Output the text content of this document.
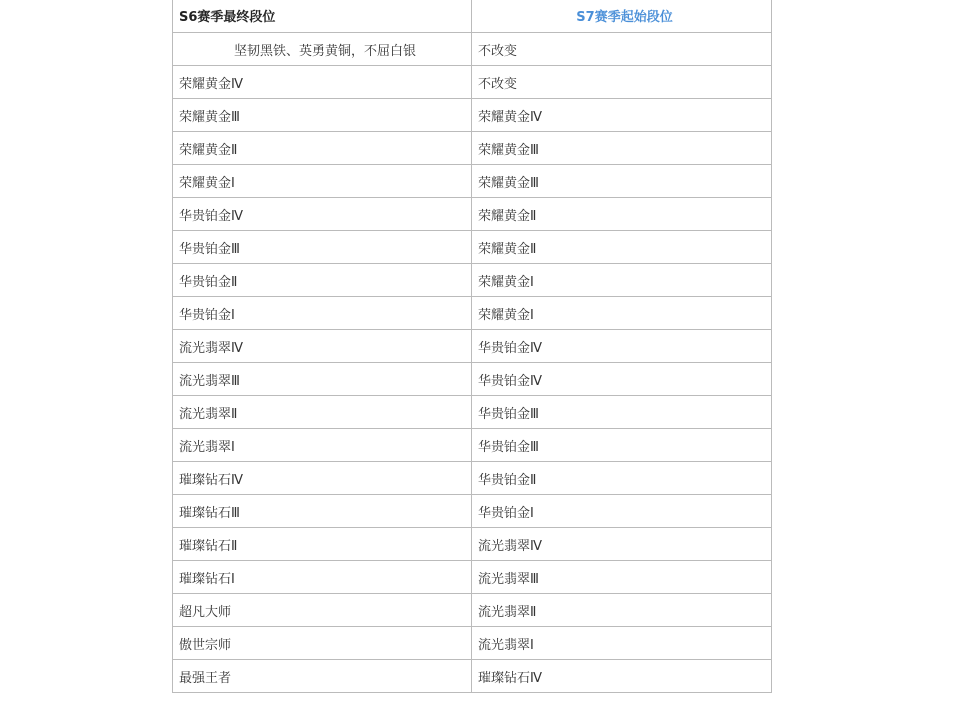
S6赛季最终段位	S7赛季起始段位
坚韧黑铁、英勇黄铜，不屈白银	不改变
荣耀黄金Ⅳ	不改变
荣耀黄金Ⅲ	荣耀黄金Ⅳ
荣耀黄金Ⅱ	荣耀黄金Ⅲ
荣耀黄金Ⅰ	荣耀黄金Ⅲ
华贵铂金Ⅳ	荣耀黄金Ⅱ
华贵铂金Ⅲ	荣耀黄金Ⅱ
华贵铂金Ⅱ	荣耀黄金Ⅰ
华贵铂金Ⅰ	荣耀黄金Ⅰ
流光翡翠Ⅳ	华贵铂金Ⅳ
流光翡翠Ⅲ	华贵铂金Ⅳ
流光翡翠Ⅱ	华贵铂金Ⅲ
流光翡翠Ⅰ	华贵铂金Ⅲ
璀璨钻石Ⅳ	华贵铂金Ⅱ
璀璨钻石Ⅲ	华贵铂金Ⅰ
璀璨钻石Ⅱ	流光翡翠Ⅳ
璀璨钻石Ⅰ	流光翡翠Ⅲ
超凡大师	流光翡翠Ⅱ
傲世宗师	流光翡翠Ⅰ
最强王者	璀璨钻石Ⅳ
